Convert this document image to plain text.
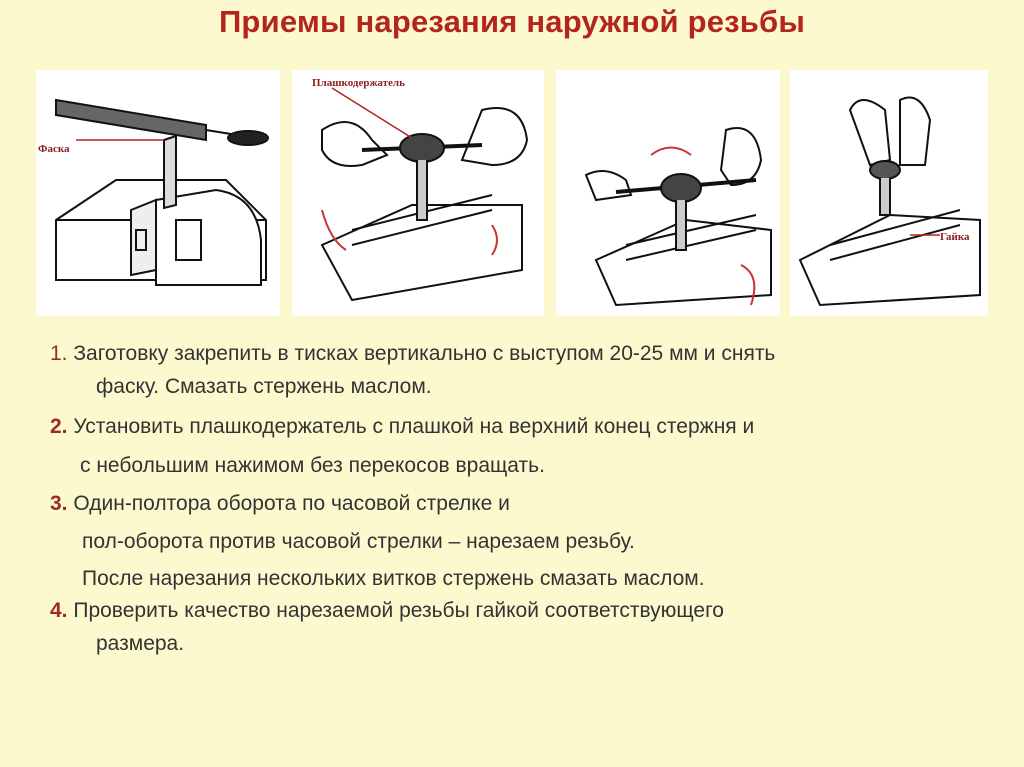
Приемы нарезания наружной резьбы
Фаска
Плашкодержатель
Гайка
1. Заготовку закрепить в тисках вертикально с выступом 20-25 мм и снять
фаску. Смазать стержень маслом.
2. Установить плашкодержатель с плашкой на верхний конец стержня и
с небольшим нажимом без перекосов вращать.
3. Один-полтора оборота по часовой стрелке и
пол-оборота против часовой стрелки – нарезаем резьбу.
После нарезания нескольких витков стержень смазать маслом.
4. Проверить качество нарезаемой резьбы гайкой соответствующего
размера.
